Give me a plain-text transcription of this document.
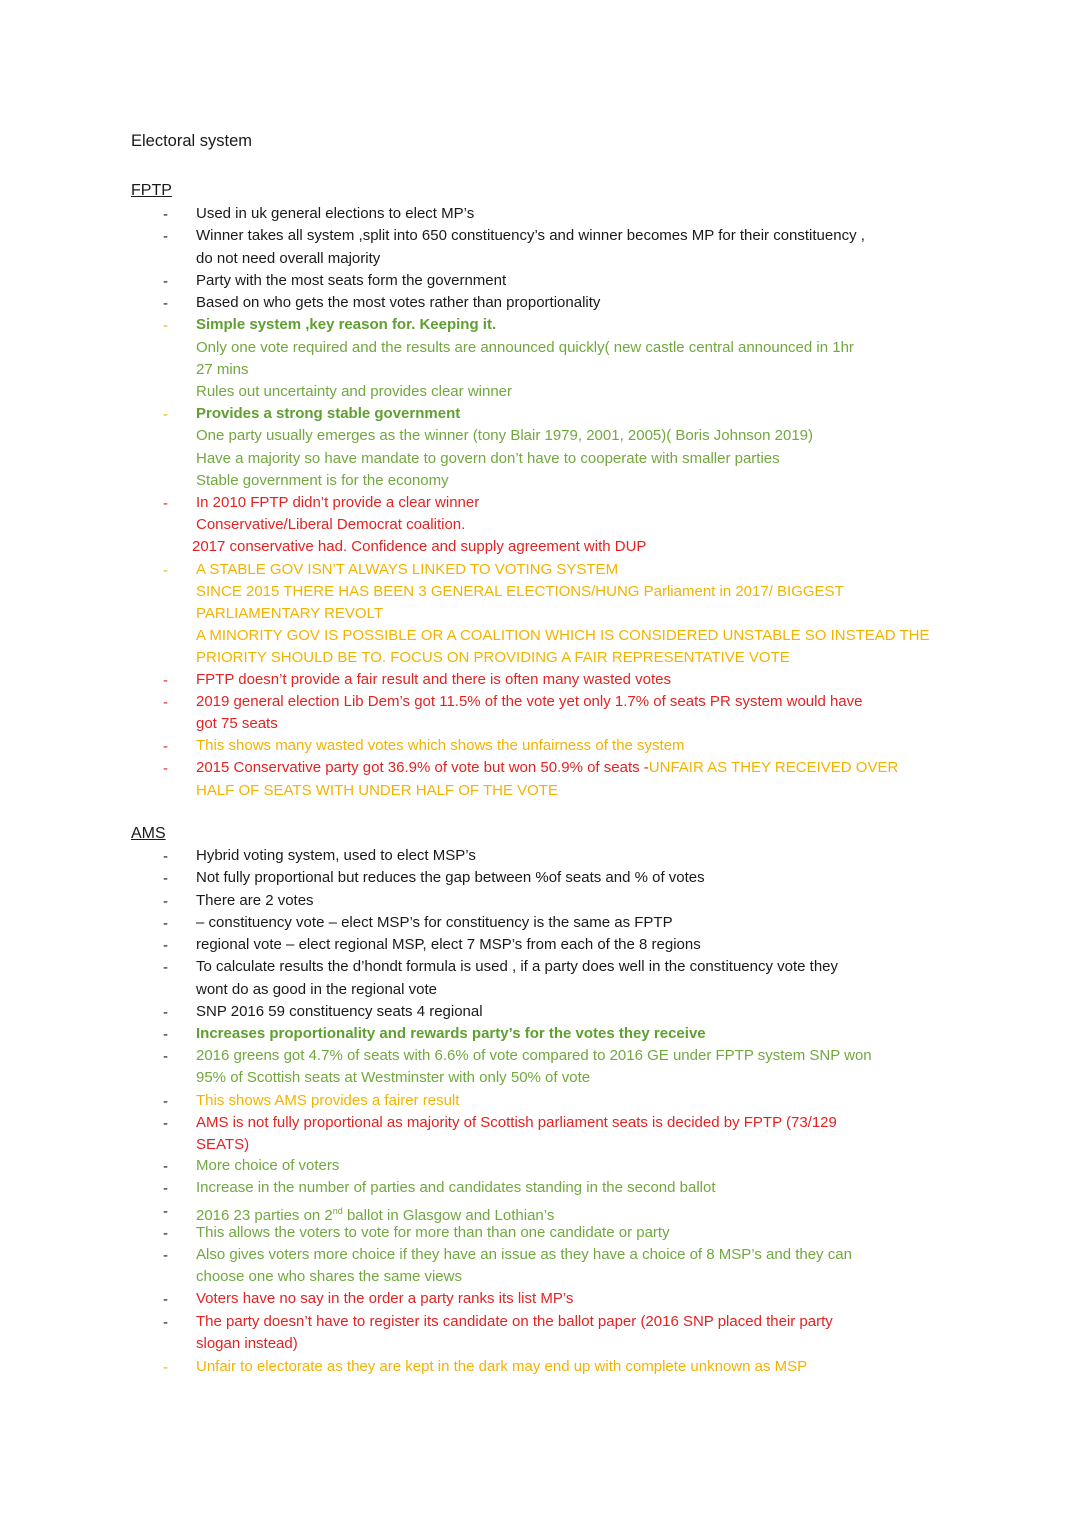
Electoral system
FPTP
-
-
-
-
-
-
-
-
-
-
-
-
Used in uk general elections to elect MP’s
Winner takes all system ,split into 650 constituency’s and winner becomes MP for their constituency ,
do not need overall majority
Party with the most seats form the government
Based on who gets the most votes rather than proportionality
Simple system ,key reason for. Keeping it.
Only one vote required and the results are announced quickly( new castle central announced in 1hr
27 mins
Rules out uncertainty and provides clear winner
Provides a strong stable government
One party usually emerges as the winner (tony Blair 1979, 2001, 2005)( Boris Johnson 2019)
Have a majority so have mandate to govern don’t have to cooperate with smaller parties
Stable government is for the economy
In 2010 FPTP didn’t provide a clear winner
Conservative/Liberal Democrat coalition.
2017 conservative had. Confidence and supply agreement with DUP
A STABLE GOV ISN’T ALWAYS LINKED TO VOTING SYSTEM
SINCE 2015 THERE HAS BEEN 3 GENERAL ELECTIONS/HUNG Parliament in 2017/ BIGGEST
PARLIAMENTARY REVOLT
A MINORITY GOV IS POSSIBLE OR A COALITION WHICH IS CONSIDERED UNSTABLE SO INSTEAD THE
PRIORITY SHOULD BE TO. FOCUS ON PROVIDING A FAIR REPRESENTATIVE VOTE
FPTP doesn’t provide a fair result and there is often many wasted votes
2019 general election Lib Dem’s got 11.5% of the vote yet only 1.7% of seats PR system would have
got 75 seats
This shows many wasted votes which shows the unfairness of the system
2015 Conservative party got 36.9% of vote but won 50.9% of seats -UNFAIR AS THEY RECEIVED OVER
HALF OF SEATS WITH UNDER HALF OF THE VOTE
AMS
-
-
-
-
-
-
-
-
-
-
-
-
-
-
-
-
-
-
-
Hybrid voting system, used to elect MSP’s
Not fully proportional but reduces the gap between %of seats and % of votes
There are 2 votes
– constituency vote – elect MSP’s for constituency is the same as FPTP
regional vote – elect regional MSP, elect 7 MSP’s from each of the 8 regions
To calculate results the d’hondt formula is used , if a party does well in the constituency vote they
wont do as good in the regional vote
SNP 2016 59 constituency seats 4 regional
Increases proportionality and rewards party’s for the votes they receive
2016 greens got 4.7% of seats with 6.6% of vote compared to 2016 GE under FPTP system SNP won
95% of Scottish seats at Westminster with only 50% of vote
This shows AMS provides a fairer result
AMS is not fully proportional as majority of Scottish parliament seats is decided by FPTP (73/129
SEATS)
More choice of voters
Increase in the number of parties and candidates standing in the second ballot
2016 23 parties on 2nd ballot in Glasgow and Lothian’s
This allows the voters to vote for more than than one candidate or party
Also gives voters more choice if they have an issue as they have a choice of 8 MSP’s and they can
choose one who shares the same views
Voters have no say in the order a party ranks its list MP’s
The party doesn’t have to register its candidate on the ballot paper (2016 SNP placed their party
slogan instead)
Unfair to electorate as they are kept in the dark may end up with complete unknown as MSP
